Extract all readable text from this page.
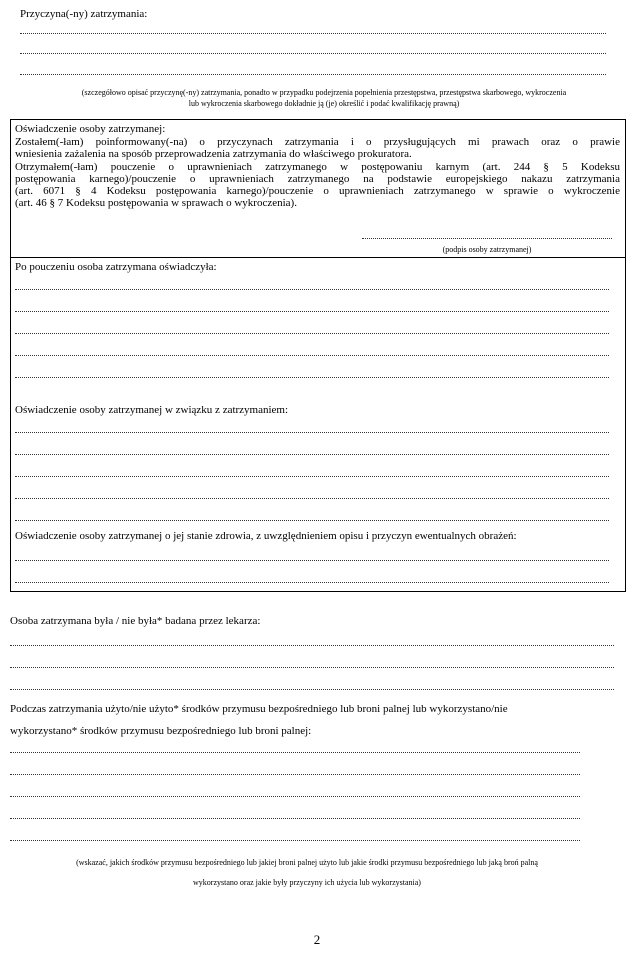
Przyczyna(-ny) zatrzymania:
(szczegółowo opisać przyczynę(-ny) zatrzymania, ponadto w przypadku podejrzenia popełnienia przestępstwa, przestępstwa skarbowego, wykroczenia
lub wykroczenia skarbowego dokładnie ją (je) określić i podać kwalifikację prawną)
Oświadczenie osoby zatrzymanej:
Zostałem(-łam) poinformowany(-na) o przyczynach zatrzymania i o przysługujących mi prawach oraz o prawie
wniesienia zażalenia na sposób przeprowadzenia zatrzymania do właściwego prokuratora.
Otrzymałem(-łam) pouczenie o uprawnieniach zatrzymanego w postępowaniu karnym (art. 244 § 5 Kodeksu
postępowania karnego)/pouczenie o uprawnieniach zatrzymanego na podstawie europejskiego nakazu zatrzymania
(art. 6071 § 4 Kodeksu postępowania karnego)/pouczenie o uprawnieniach zatrzymanego w sprawie o wykroczenie
(art. 46 § 7 Kodeksu postępowania w sprawach o wykroczenia).
(podpis osoby zatrzymanej)
Po pouczeniu osoba zatrzymana oświadczyła:
Oświadczenie osoby zatrzymanej w związku z zatrzymaniem:
Oświadczenie osoby zatrzymanej o jej stanie zdrowia, z uwzględnieniem opisu i przyczyn ewentualnych obrażeń:
Osoba zatrzymana była / nie była* badana przez lekarza:
Podczas zatrzymania użyto/nie użyto* środków przymusu bezpośredniego lub broni palnej lub wykorzystano/nie
wykorzystano* środków przymusu bezpośredniego lub broni palnej:
(wskazać, jakich środków przymusu bezpośredniego lub jakiej broni palnej użyto lub jakie środki przymusu bezpośredniego lub jaką broń palną
wykorzystano oraz jakie były przyczyny ich użycia lub wykorzystania)
2
